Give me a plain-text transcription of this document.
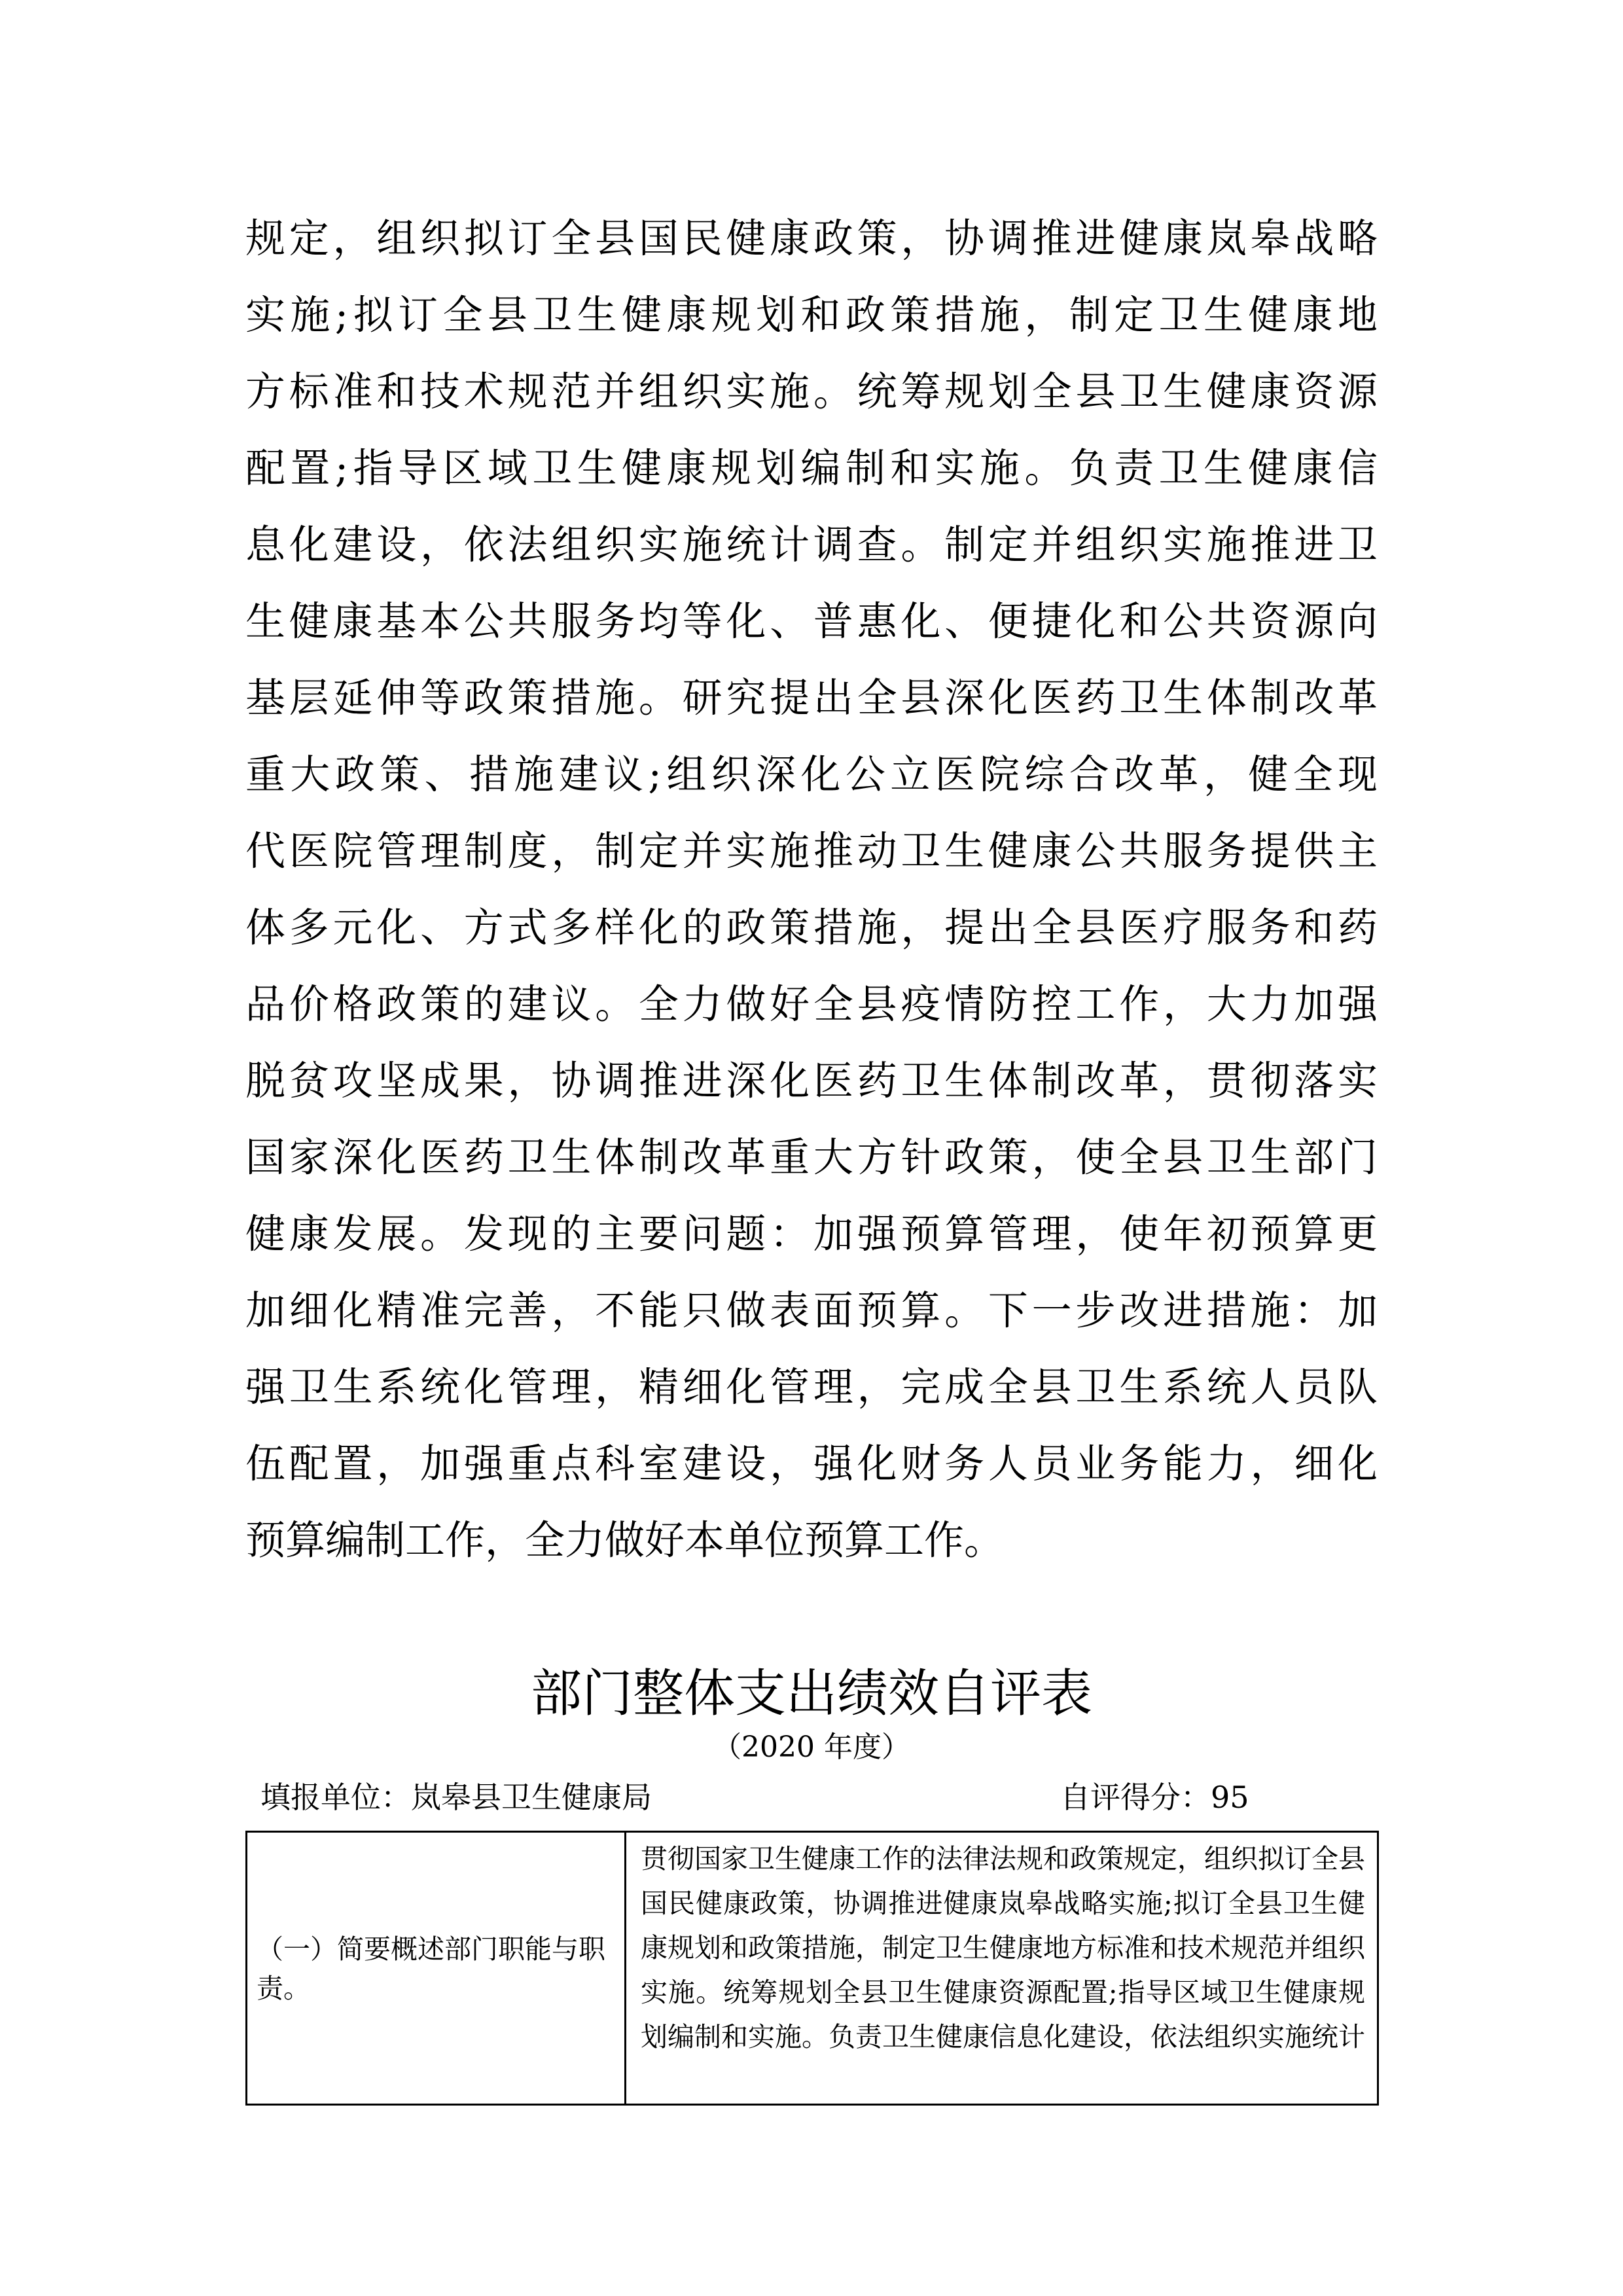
规定，组织拟订全县国民健康政策，协调推进健康岚皋战略
实施;拟订全县卫生健康规划和政策措施，制定卫生健康地
方标准和技术规范并组织实施。统筹规划全县卫生健康资源
配置;指导区域卫生健康规划编制和实施。负责卫生健康信
息化建设，依法组织实施统计调查。制定并组织实施推进卫
生健康基本公共服务均等化、普惠化、便捷化和公共资源向
基层延伸等政策措施。研究提出全县深化医药卫生体制改革
重大政策、措施建议;组织深化公立医院综合改革，健全现
代医院管理制度，制定并实施推动卫生健康公共服务提供主
体多元化、方式多样化的政策措施，提出全县医疗服务和药
品价格政策的建议。全力做好全县疫情防控工作，大力加强
脱贫攻坚成果，协调推进深化医药卫生体制改革，贯彻落实
国家深化医药卫生体制改革重大方针政策，使全县卫生部门
健康发展。发现的主要问题：加强预算管理，使年初预算更
加细化精准完善，不能只做表面预算。下一步改进措施：加
强卫生系统化管理，精细化管理，完成全县卫生系统人员队
伍配置，加强重点科室建设，强化财务人员业务能力，细化
预算编制工作，全力做好本单位预算工作。
部门整体支出绩效自评表
（2020 年度）
填报单位：岚皋县卫生健康局	自评得分：95
（一）简要概述部门职能与职责。
贯彻国家卫生健康工作的法律法规和政策规定，组织拟订全县
国民健康政策，协调推进健康岚皋战略实施;拟订全县卫生健
康规划和政策措施，制定卫生健康地方标准和技术规范并组织
实施。统筹规划全县卫生健康资源配置;指导区域卫生健康规
划编制和实施。负责卫生健康信息化建设，依法组织实施统计
